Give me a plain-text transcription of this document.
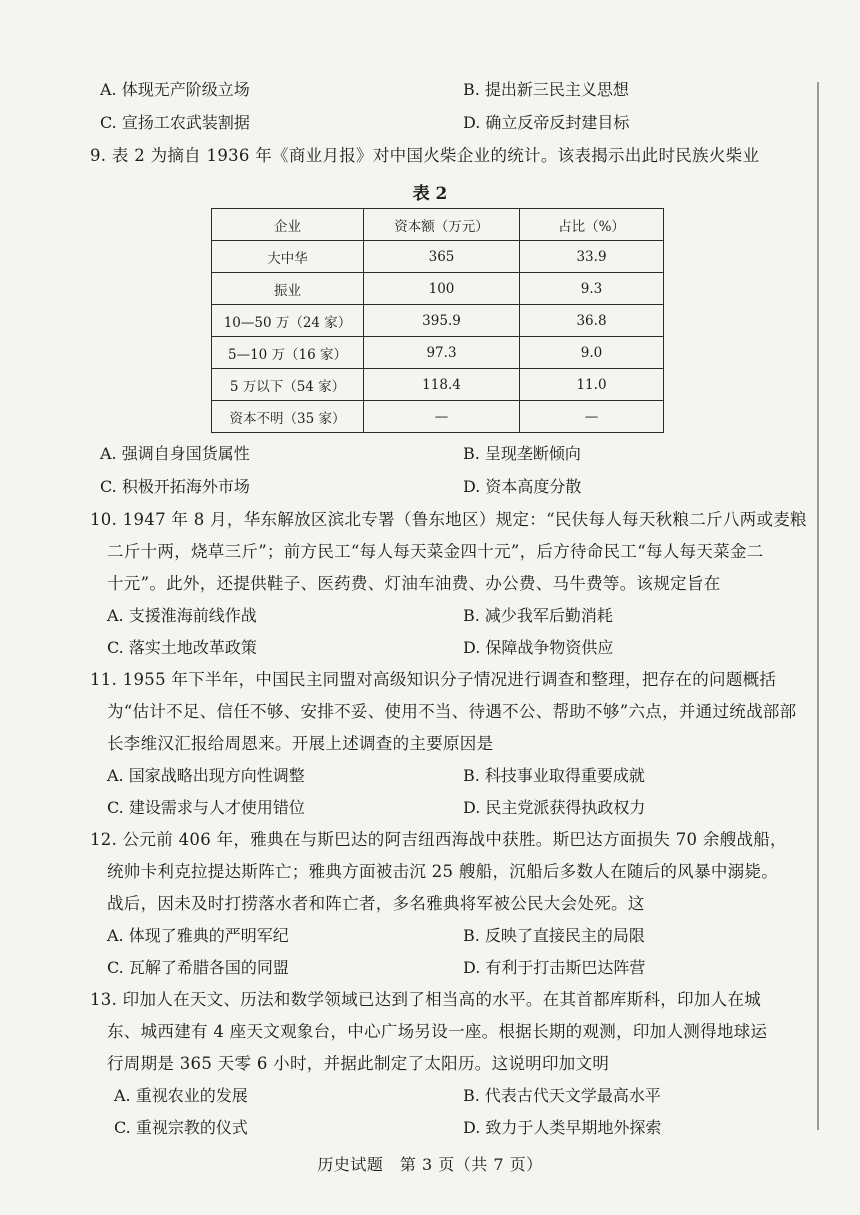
A. 体现无产阶级立场	B. 提出新三民主义思想
C. 宣扬工农武装割据	D. 确立反帝反封建目标
9. 表 2 为摘自 1936 年《商业月报》对中国火柴企业的统计。该表揭示出此时民族火柴业
表 2
企业	资本额（万元）	占比（%）
大中华	365	33.9
振业	100	9.3
10—50 万（24 家）	395.9	36.8
5—10 万（16 家）	97.3	9.0
5 万以下（54 家）	118.4	11.0
资本不明（35 家）	—	—
A. 强调自身国货属性	B. 呈现垄断倾向
C. 积极开拓海外市场	D. 资本高度分散
10. 1947 年 8 月，华东解放区滨北专署（鲁东地区）规定：“民伕每人每天秋粮二斤八两或麦粮
二斤十两，烧草三斤”；前方民工“每人每天菜金四十元”，后方待命民工“每人每天菜金二
十元”。此外，还提供鞋子、医药费、灯油车油费、办公费、马牛费等。该规定旨在
A. 支援淮海前线作战	B. 减少我军后勤消耗
C. 落实土地改革政策	D. 保障战争物资供应
11. 1955 年下半年，中国民主同盟对高级知识分子情况进行调查和整理，把存在的问题概括
为“估计不足、信任不够、安排不妥、使用不当、待遇不公、帮助不够”六点，并通过统战部部
长李维汉汇报给周恩来。开展上述调查的主要原因是
A. 国家战略出现方向性调整	B. 科技事业取得重要成就
C. 建设需求与人才使用错位	D. 民主党派获得执政权力
12. 公元前 406 年，雅典在与斯巴达的阿吉纽西海战中获胜。斯巴达方面损失 70 余艘战船，
统帅卡利克拉提达斯阵亡；雅典方面被击沉 25 艘船，沉船后多数人在随后的风暴中溺毙。
战后，因未及时打捞落水者和阵亡者，多名雅典将军被公民大会处死。这
A. 体现了雅典的严明军纪	B. 反映了直接民主的局限
C. 瓦解了希腊各国的同盟	D. 有利于打击斯巴达阵营
13. 印加人在天文、历法和数学领域已达到了相当高的水平。在其首都库斯科，印加人在城
东、城西建有 4 座天文观象台，中心广场另设一座。根据长期的观测，印加人测得地球运
行周期是 365 天零 6 小时，并据此制定了太阳历。这说明印加文明
A. 重视农业的发展	B. 代表古代天文学最高水平
C. 重视宗教的仪式	D. 致力于人类早期地外探索
历史试题　第 3 页（共 7 页）
